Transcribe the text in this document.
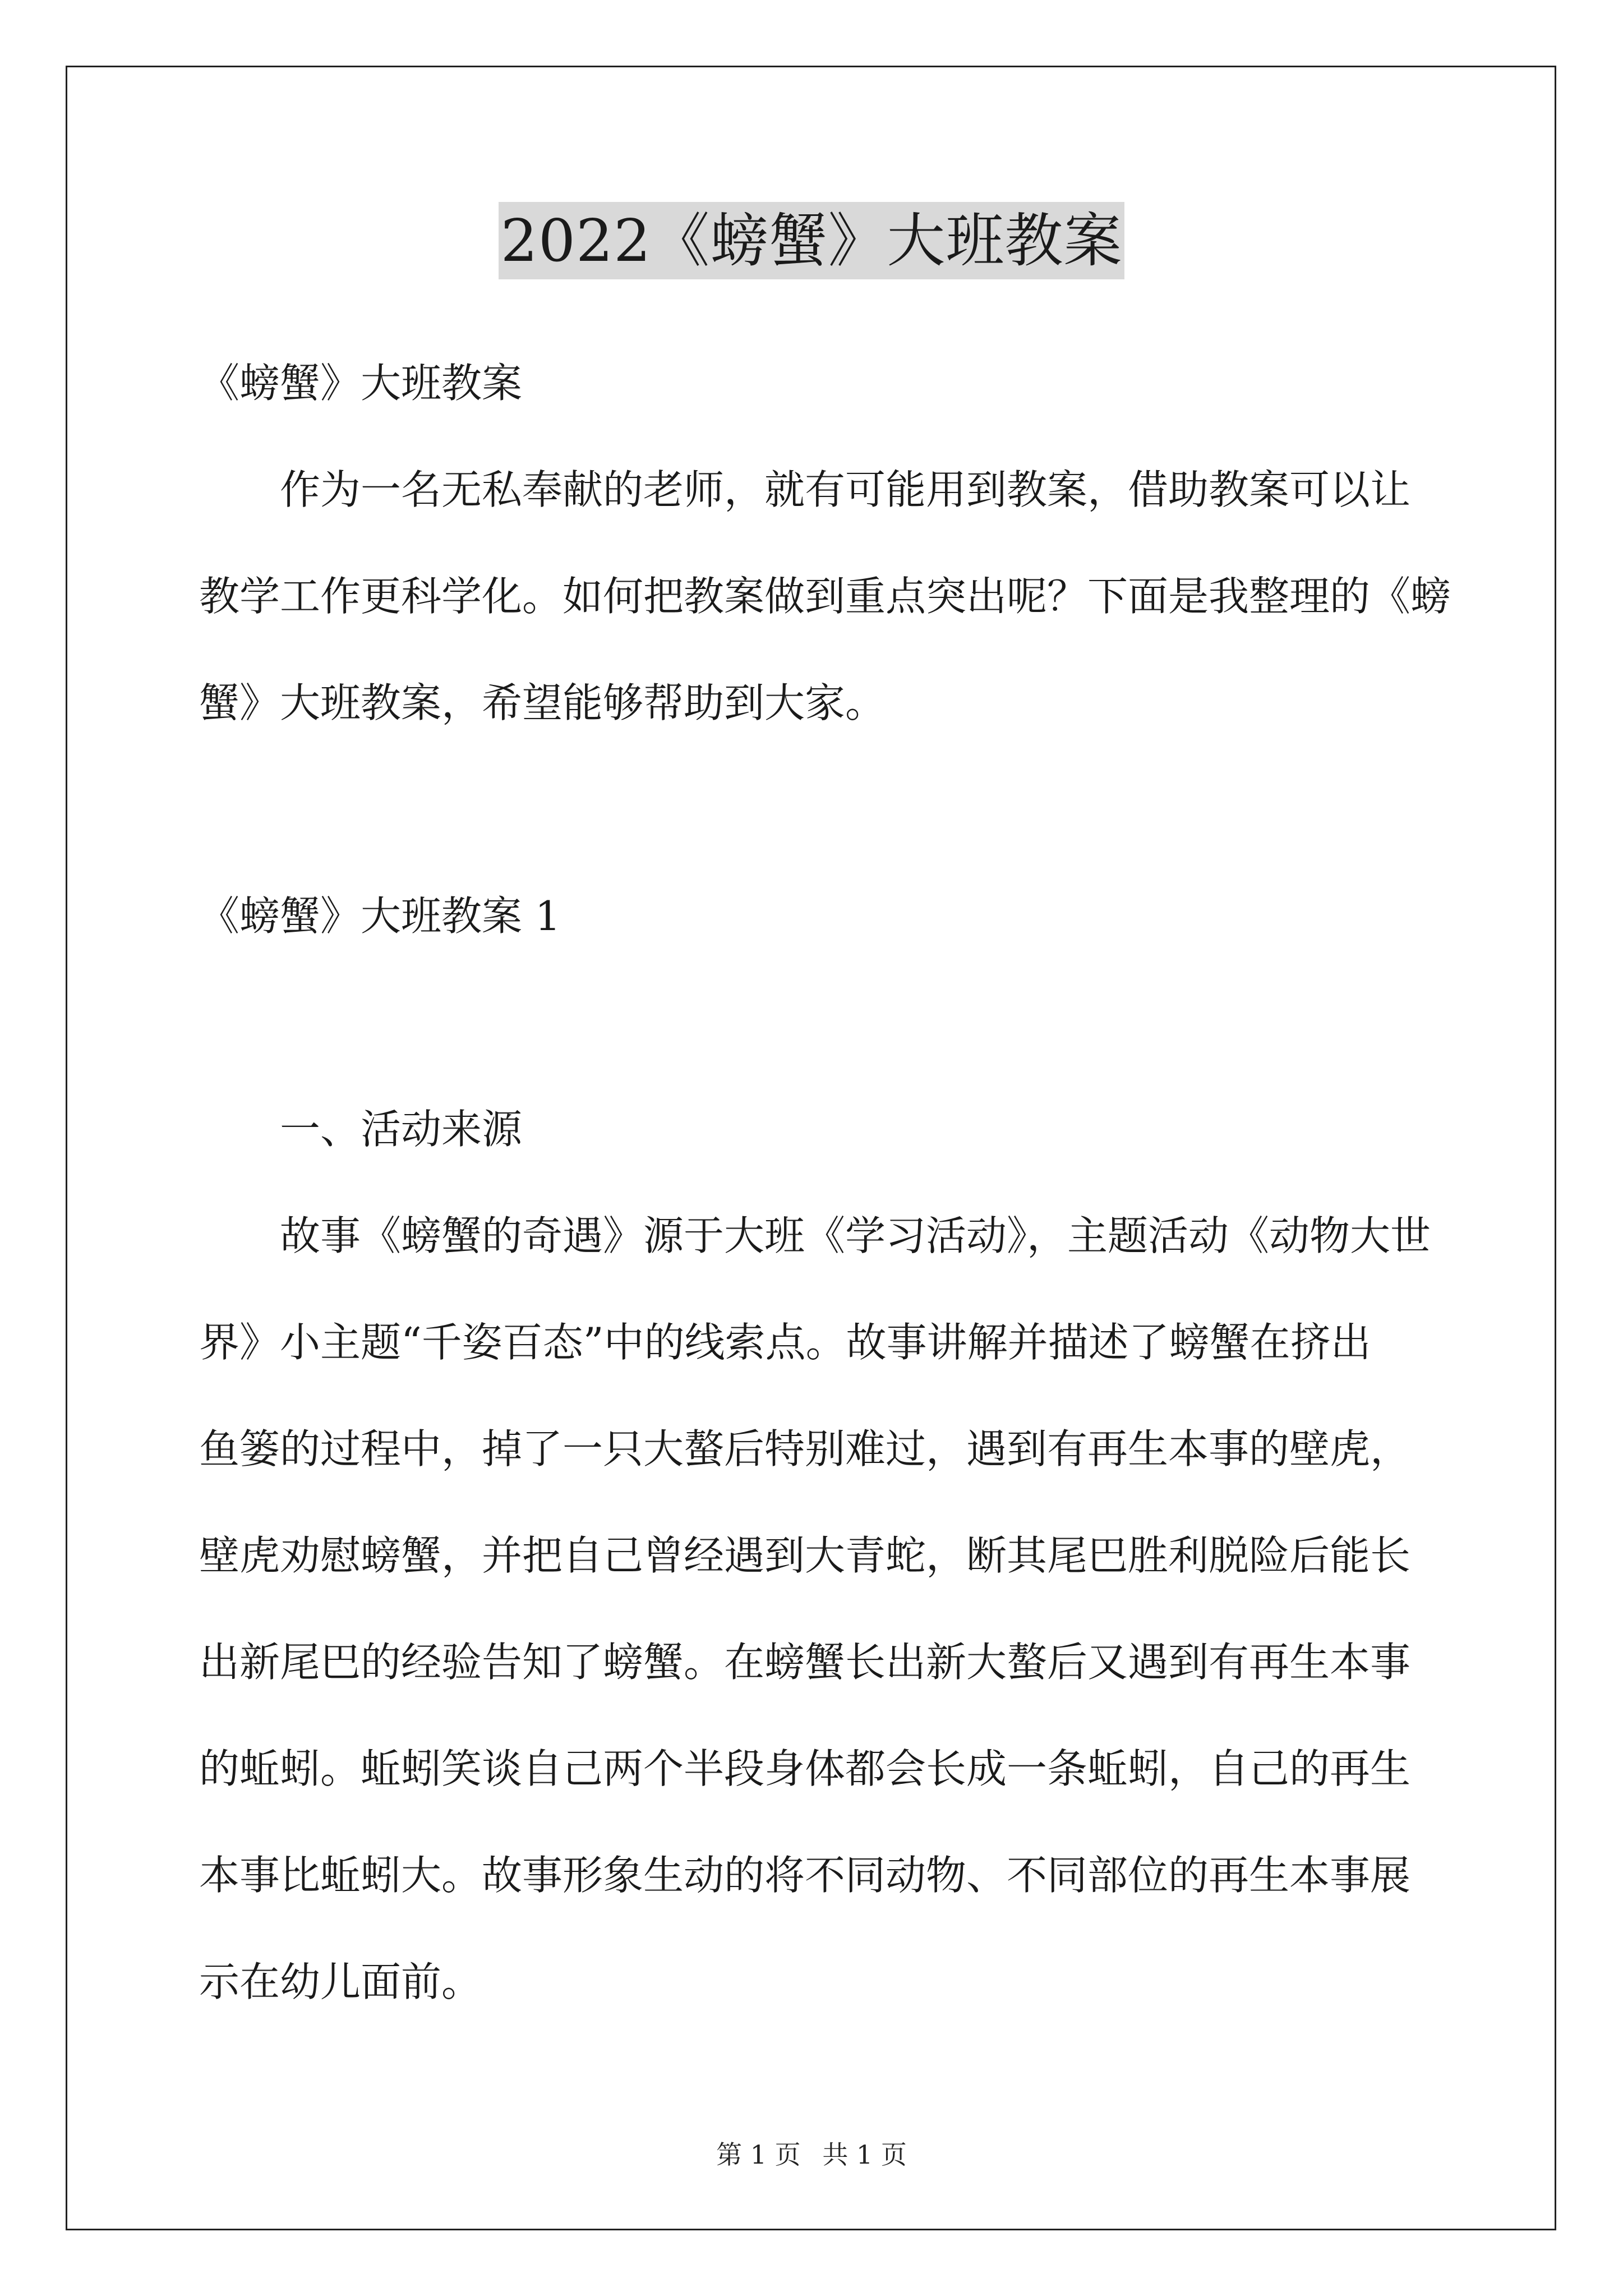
2022《螃蟹》大班教案
《螃蟹》大班教案
　　作为一名无私奉献的老师，就有可能用到教案，借助教案可以让
教学工作更科学化。如何把教案做到重点突出呢？下面是我整理的《螃
蟹》大班教案，希望能够帮助到大家。
《螃蟹》大班教案 1
　　一、活动来源
　　故事《螃蟹的奇遇》源于大班《学习活动》，主题活动《动物大世
界》小主题“千姿百态”中的线索点。故事讲解并描述了螃蟹在挤出
鱼篓的过程中，掉了一只大螯后特别难过，遇到有再生本事的壁虎，
壁虎劝慰螃蟹，并把自己曾经遇到大青蛇，断其尾巴胜利脱险后能长
出新尾巴的经验告知了螃蟹。在螃蟹长出新大螯后又遇到有再生本事
的蚯蚓。蚯蚓笑谈自己两个半段身体都会长成一条蚯蚓，自己的再生
本事比蚯蚓大。故事形象生动的将不同动物、不同部位的再生本事展
示在幼儿面前。
第 1 页 共 1 页
